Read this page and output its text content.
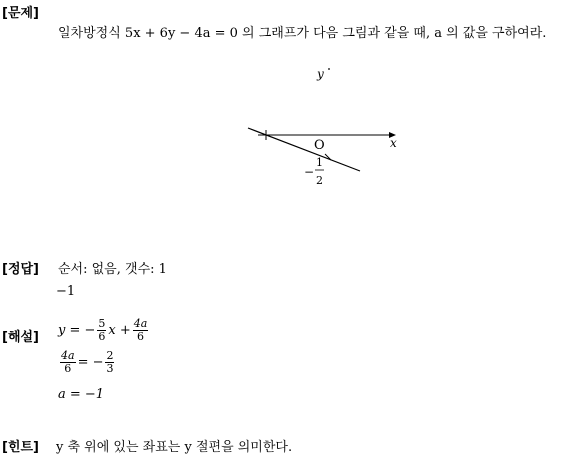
[문제]
일차방정식 5x + 6y − 4a = 0 의 그래프가 다음 그림과 같을 때, a 의 값을 구하여라.
y
x
O
−
1
2
[정답] 순서: 없음, 갯수: 1
−1
[해설] y = − $\frac{5}{6}$ $x + \frac{4a}{6}$
$\frac{4a}{6}$ = − $\frac{2}{3}$
a = −1
[힌트] y 축 위에 있는 좌표는 y 절편을 의미한다.
